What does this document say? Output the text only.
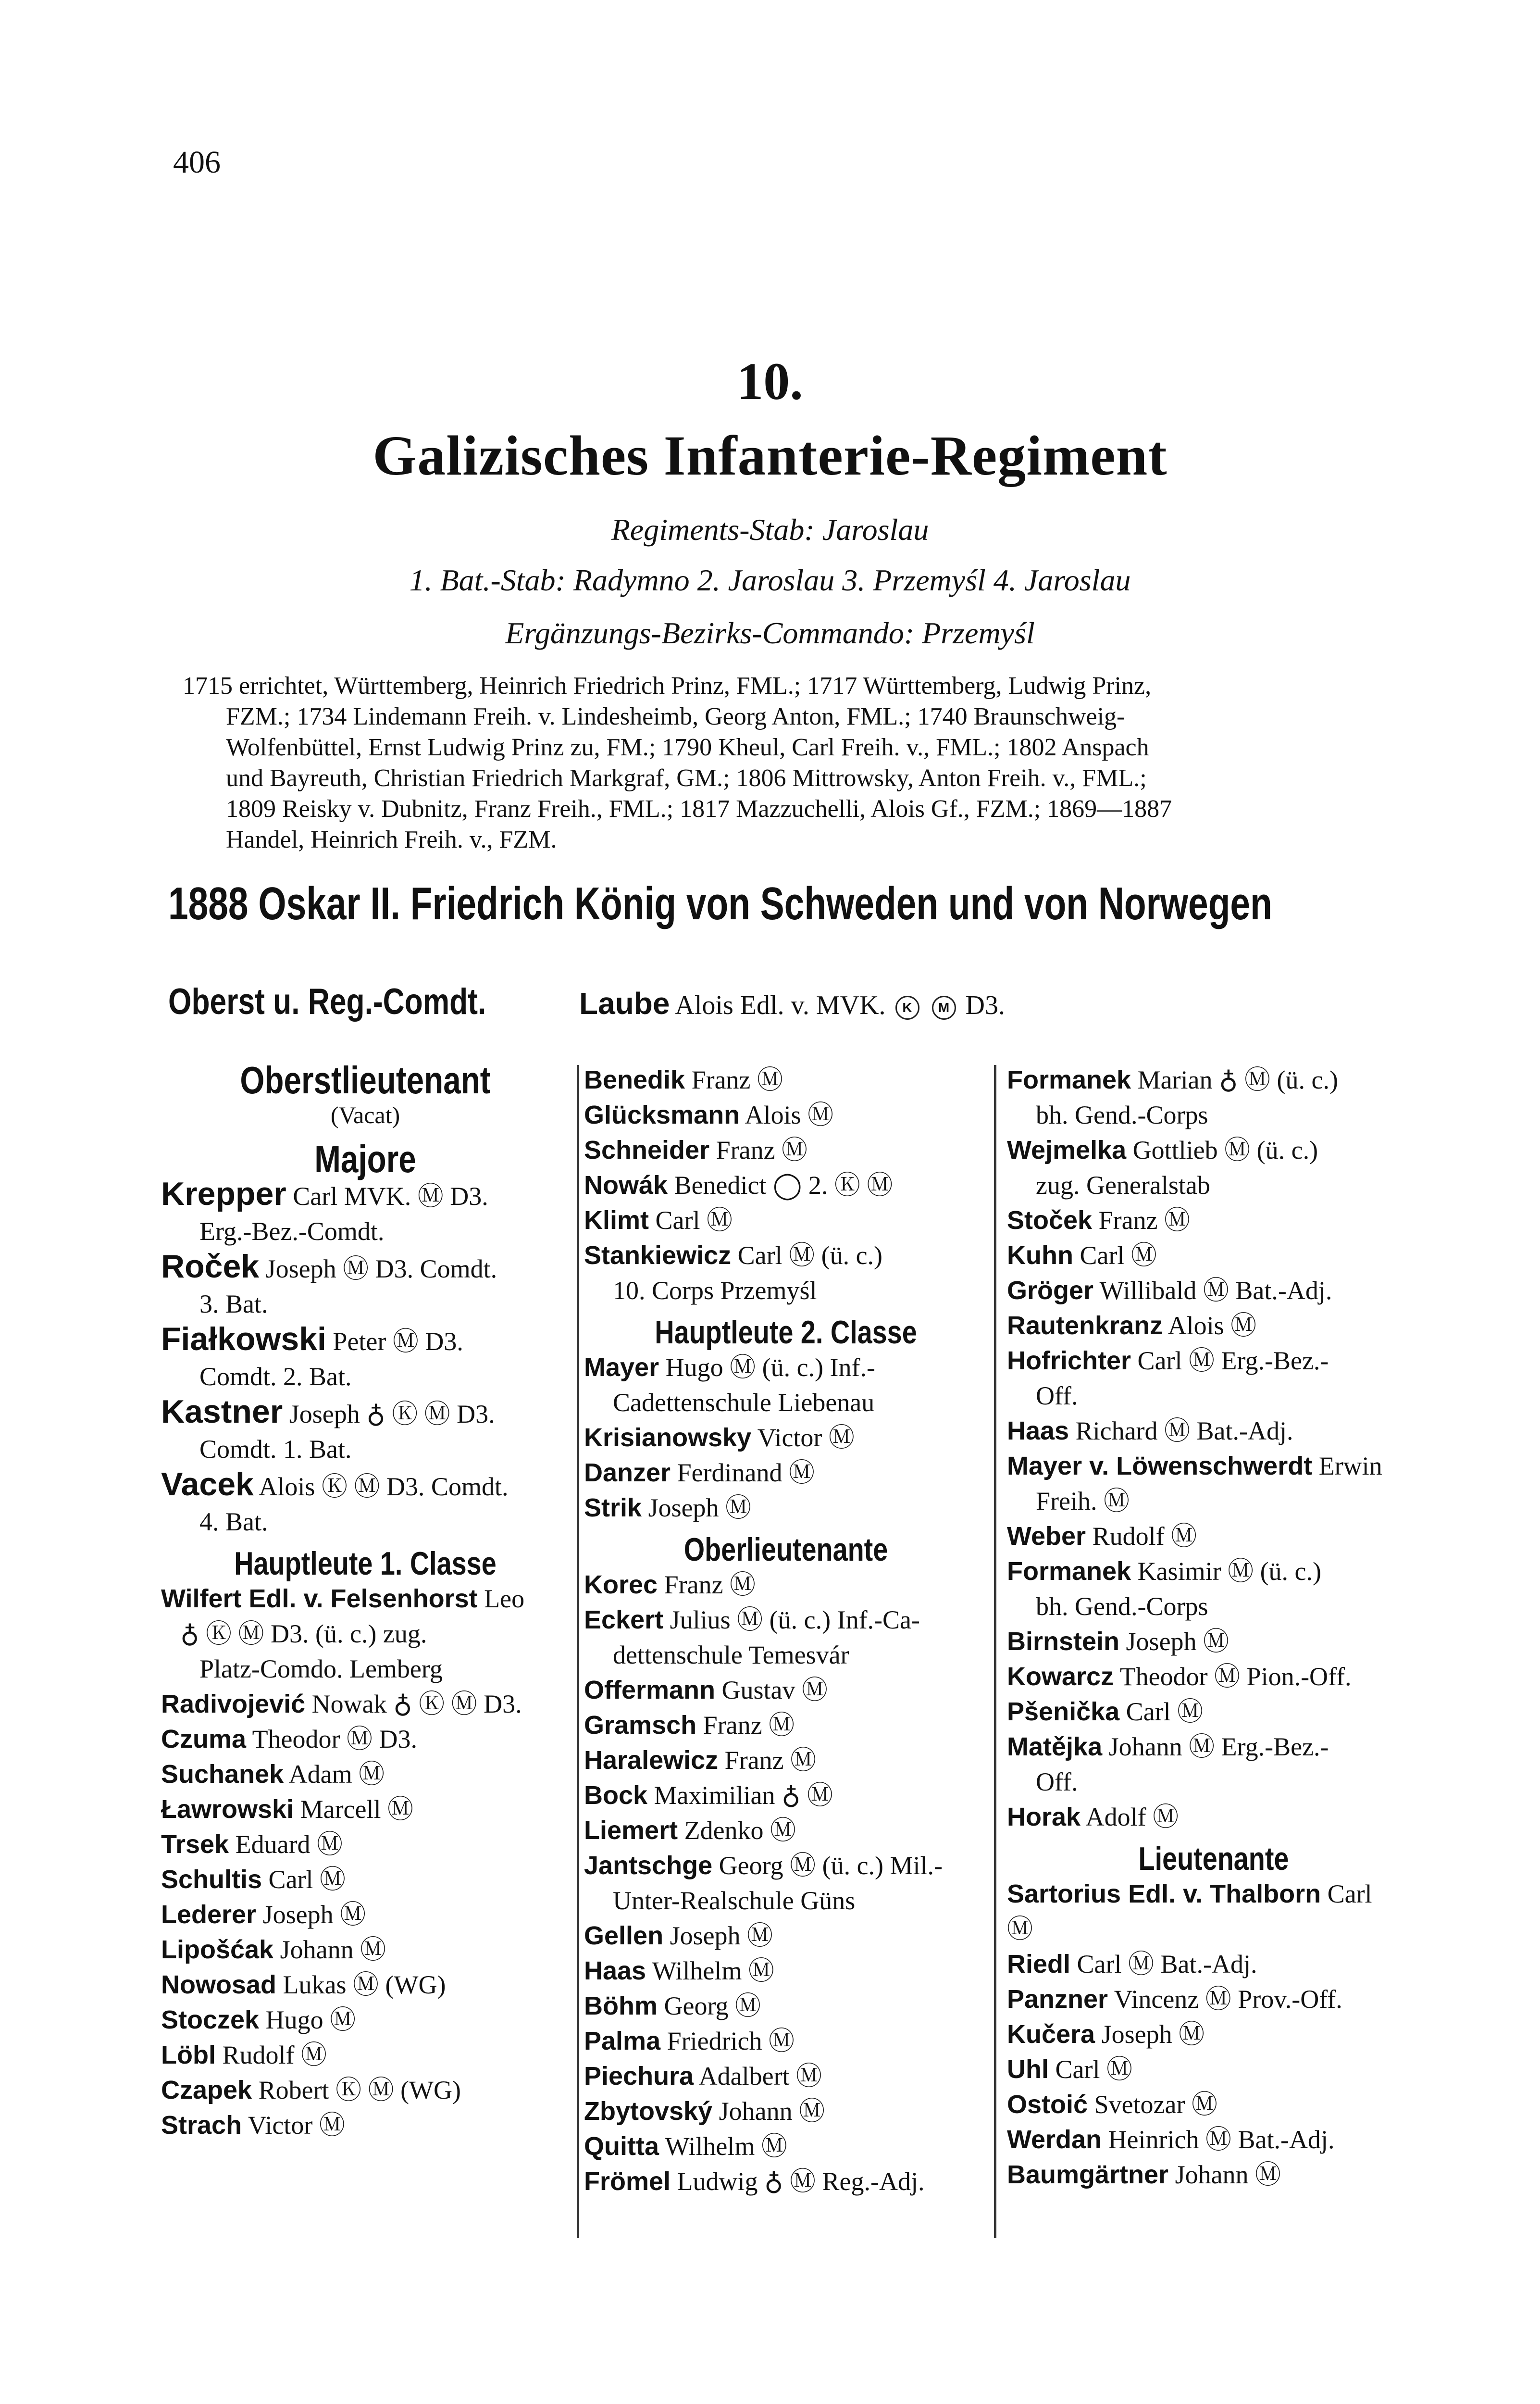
406
10.
Galizisches Infanterie-Regiment
Regiments-Stab: Jaroslau
1. Bat.-Stab: Radymno 2. Jaroslau 3. Przemyśl 4. Jaroslau
Ergänzungs-Bezirks-Commando: Przemyśl
1715 errichtet, Württemberg, Heinrich Friedrich Prinz, FML.; 1717 Württemberg, Ludwig Prinz,
FZM.; 1734 Lindemann Freih. v. Lindesheimb, Georg Anton, FML.; 1740 Braunschweig-
Wolfenbüttel, Ernst Ludwig Prinz zu, FM.; 1790 Kheul, Carl Freih. v., FML.; 1802 Anspach
und Bayreuth, Christian Friedrich Markgraf, GM.; 1806 Mittrowsky, Anton Freih. v., FML.;
1809 Reisky v. Dubnitz, Franz Freih., FML.; 1817 Mazzuchelli, Alois Gf., FZM.; 1869—1887
Handel, Heinrich Freih. v., FZM.
1888 Oskar II. Friedrich König von Schweden und von Norwegen
Oberst u. Reg.-Comdt.	Laube Alois Edl. v. MVK. K M D3.
Oberstlieutenant
(Vacat)
Majore
Krepper Carl MVK. Ⓜ D3.
Erg.-Bez.-Comdt.
Roček Joseph Ⓜ D3. Comdt.
3. Bat.
Fiałkowski Peter Ⓜ D3.
Comdt. 2. Bat.
Kastner Joseph ♁ Ⓚ Ⓜ D3.
Comdt. 1. Bat.
Vacek Alois Ⓚ Ⓜ D3. Comdt.
4. Bat.
Hauptleute 1. Classe
Wilfert Edl. v. Felsenhorst Leo
♁ Ⓚ Ⓜ D3. (ü. c.) zug.
Platz-Comdo. Lemberg
Radivojević Nowak ♁ Ⓚ Ⓜ D3.
Czuma Theodor Ⓜ D3.
Suchanek Adam Ⓜ
Ławrowski Marcell Ⓜ
Trsek Eduard Ⓜ
Schultis Carl Ⓜ
Lederer Joseph Ⓜ
Lipošćak Johann Ⓜ
Nowosad Lukas Ⓜ (WG)
Stoczek Hugo Ⓜ
Löbl Rudolf Ⓜ
Czapek Robert Ⓚ Ⓜ (WG)
Strach Victor Ⓜ
Benedik Franz Ⓜ
Glücksmann Alois Ⓜ
Schneider Franz Ⓜ
Nowák Benedict ◯ 2. Ⓚ Ⓜ
Klimt Carl Ⓜ
Stankiewicz Carl Ⓜ (ü. c.)
10. Corps Przemyśl
Hauptleute 2. Classe
Mayer Hugo Ⓜ (ü. c.) Inf.-
Cadettenschule Liebenau
Krisianowsky Victor Ⓜ
Danzer Ferdinand Ⓜ
Strik Joseph Ⓜ
Oberlieutenante
Korec Franz Ⓜ
Eckert Julius Ⓜ (ü. c.) Inf.-Ca-
dettenschule Temesvár
Offermann Gustav Ⓜ
Gramsch Franz Ⓜ
Haralewicz Franz Ⓜ
Bock Maximilian ♁ Ⓜ
Liemert Zdenko Ⓜ
Jantschge Georg Ⓜ (ü. c.) Mil.-
Unter-Realschule Güns
Gellen Joseph Ⓜ
Haas Wilhelm Ⓜ
Böhm Georg Ⓜ
Palma Friedrich Ⓜ
Piechura Adalbert Ⓜ
Zbytovský Johann Ⓜ
Quitta Wilhelm Ⓜ
Frömel Ludwig ♁ Ⓜ Reg.-Adj.
Formanek Marian ♁ Ⓜ (ü. c.)
bh. Gend.-Corps
Wejmelka Gottlieb Ⓜ (ü. c.)
zug. Generalstab
Stoček Franz Ⓜ
Kuhn Carl Ⓜ
Gröger Willibald Ⓜ Bat.-Adj.
Rautenkranz Alois Ⓜ
Hofrichter Carl Ⓜ Erg.-Bez.-
Off.
Haas Richard Ⓜ Bat.-Adj.
Mayer v. Löwenschwerdt Erwin
Freih. Ⓜ
Weber Rudolf Ⓜ
Formanek Kasimir Ⓜ (ü. c.)
bh. Gend.-Corps
Birnstein Joseph Ⓜ
Kowarcz Theodor Ⓜ Pion.-Off.
Pšenička Carl Ⓜ
Matějka Johann Ⓜ Erg.-Bez.-
Off.
Horak Adolf Ⓜ
Lieutenante
Sartorius Edl. v. Thalborn Carl
Ⓜ
Riedl Carl Ⓜ Bat.-Adj.
Panzner Vincenz Ⓜ Prov.-Off.
Kučera Joseph Ⓜ
Uhl Carl Ⓜ
Ostoić Svetozar Ⓜ
Werdan Heinrich Ⓜ Bat.-Adj.
Baumgärtner Johann Ⓜ
